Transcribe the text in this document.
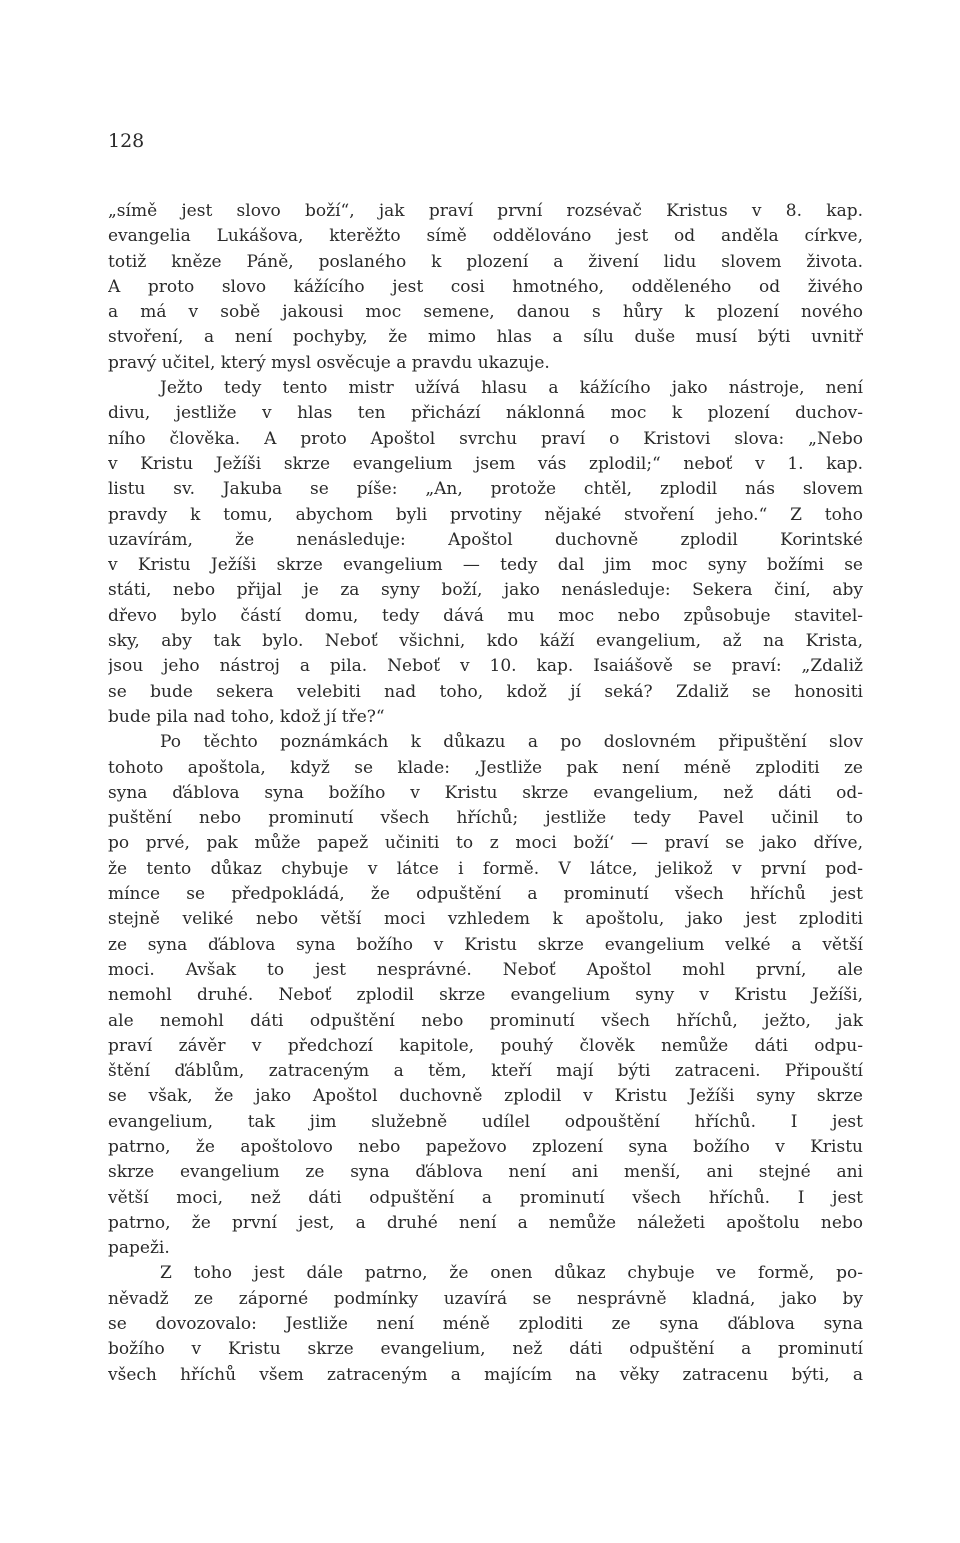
128
„símě jest slovo boží“, jak praví první rozsévač Kristus v 8. kap.
evangelia Lukášova, kterěžto símě oddělováno jest od anděla církve,
totiž kněze Páně, poslaného k plození a živení lidu slovem života.
A proto slovo kážícího jest cosi hmotného, odděleného od živého
a má v sobě jakousi moc semene, danou s hůry k plození nového
stvoření, a není pochyby, že mimo hlas a sílu duše musí býti uvnitř
pravý učitel, který mysl osvěcuje a pravdu ukazuje.
Ježto tedy tento mistr užívá hlasu a kážícího jako nástroje, není
divu, jestliže v hlas ten přichází náklonná moc k plození duchov-
ního člověka. A proto Apoštol svrchu praví o Kristovi slova: „Nebo
v Kristu Ježíši skrze evangelium jsem vás zplodil;“ neboť v 1. kap.
listu sv. Jakuba se píše: „An, protože chtěl, zplodil nás slovem
pravdy k tomu, abychom byli prvotiny nějaké stvoření jeho.“ Z toho
uzavírám, že nenásleduje: Apoštol duchovně zplodil Korintské
v Kristu Ježíši skrze evangelium — tedy dal jim moc syny božími se
státi, nebo přijal je za syny boží, jako nenásleduje: Sekera činí, aby
dřevo bylo částí domu, tedy dává mu moc nebo způsobuje stavitel-
sky, aby tak bylo. Neboť všichni, kdo káží evangelium, až na Krista,
jsou jeho nástroj a pila. Neboť v 10. kap. Isaiášově se praví: „Zdaliž
se bude sekera velebiti nad toho, kdož jí seká? Zdaliž se honositi
bude pila nad toho, kdož jí tře?“
Po těchto poznámkách k důkazu a po doslovném připuštění slov
tohoto apoštola, když se klade: ‚Jestliže pak není méně zploditi ze
syna ďáblova syna božího v Kristu skrze evangelium, než dáti od-
puštění nebo prominutí všech hříchů; jestliže tedy Pavel učinil to
po prvé, pak může papež učiniti to z moci boží‘ — praví se jako dříve,
že tento důkaz chybuje v látce i formě. V látce, jelikož v první pod-
mínce se předpokládá, že odpuštění a prominutí všech hříchů jest
stejně veliké nebo větší moci vzhledem k apoštolu, jako jest zploditi
ze syna ďáblova syna božího v Kristu skrze evangelium velké a větší
moci. Avšak to jest nesprávné. Neboť Apoštol mohl první, ale
nemohl druhé. Neboť zplodil skrze evangelium syny v Kristu Ježíši,
ale nemohl dáti odpuštění nebo prominutí všech hříchů, ježto, jak
praví závěr v předchozí kapitole, pouhý člověk nemůže dáti odpu-
štění ďáblům, zatraceným a těm, kteří mají býti zatraceni. Připouští
se však, že jako Apoštol duchovně zplodil v Kristu Ježíši syny skrze
evangelium, tak jim služebně udílel odpouštění hříchů. I jest
patrno, že apoštolovo nebo papežovo zplození syna božího v Kristu
skrze evangelium ze syna ďáblova není ani menší, ani stejné ani
větší moci, než dáti odpuštění a prominutí všech hříchů. I jest
patrno, že první jest, a druhé není a nemůže náležeti apoštolu nebo
papeži.
Z toho jest dále patrno, že onen důkaz chybuje ve formě, po-
něvadž ze záporné podmínky uzavírá se nesprávně kladná, jako by
se dovozovalo: Jestliže není méně zploditi ze syna ďáblova syna
božího v Kristu skrze evangelium, než dáti odpuštění a prominutí
všech hříchů všem zatraceným a majícím na věky zatracenu býti, a
